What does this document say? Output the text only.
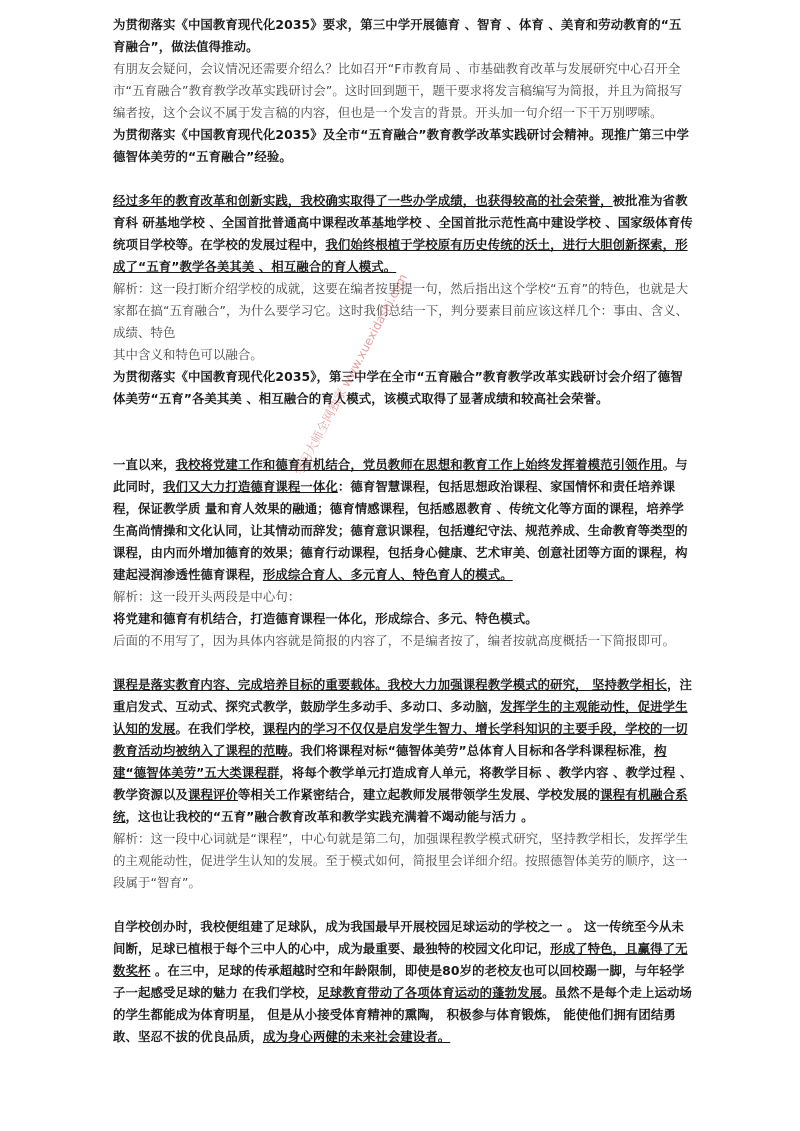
为贯彻落实《中国教育现代化2035》要求，第三中学开展德育 、智育 、体育 、美育和劳动教育的“五育融合”，做法值得推动。

有朋友会疑问，会议情况还需要介绍么？比如召开“F市教育局 、市基础教育改革与发展研究中心召开全市“五育融合”教育教学改革实践研讨会”。这时回到题干，题干要求将发言稿编写为简报，并且为简报写编者按，这个会议不属于发言稿的内容，但也是一个发言的背景。开头加一句介绍一下干万别啰嗦。

为贯彻落实《中国教育现代化2035》及全市“五育融合”教育教学改革实践研讨会精神。现推广第三中学德智体美劳的“五育融合”经验。

经过多年的教育改革和创新实践，我校确实取得了一些办学成绩，也获得较高的社会荣誉，被批准为省教育科 研基地学校 、全国首批普通高中课程改革基地学校 、全国首批示范性高中建设学校 、国家级体育传统项目学校等。在学校的发展过程中，我们始终根植于学校原有历史传统的沃土，进行大胆创新探索，形成了“五育”教学各美其美 、相互融合的育人模式。

解析：这一段打断介绍学校的成就，这要在编者按里提一句，然后指出这个学校“五育”的特色，也就是大家都在搞“五育融合”，为什么要学习它。这时我们总结一下，判分要素目前应该这样几个：事由、含义、成绩、特色

其中含义和特色可以融合。

为贯彻落实《中国教育现代化2035》，第三中学在全市“五育融合”教育教学改革实践研讨会介绍了德智体美劳“五育”各美其美 、相互融合的育人模式，该模式取得了显著成绩和较高社会荣誉。

一直以来，我校将党建工作和德育有机结合，党员教师在思想和教育工作上始终发挥着模范引领作用。与此同时，我们又大力打造德育课程一体化：德育智慧课程，包括思想政治课程、家国情怀和责任培养课程，保证教学质 量和育人效果的融通；德育情感课程，包括感恩教育 、传统文化等方面的课程，培养学生高尚情操和文化认同，让其情动而辞发；德育意识课程，包括遵纪守法、规范养成、生命教育等类型的课程，由内而外增加德育的效果；德育行动课程，包括身心健康、艺术审美、创意社团等方面的课程，构建起浸润渗透性德育课程，形成综合育人、多元育人、特色育人的模式。

解析：这一段开头两段是中心句：

将党建和德育有机结合，打造德育课程一体化，形成综合、多元、特色模式。

后面的不用写了，因为具体内容就是简报的内容了，不是编者按了，编者按就高度概括一下简报即可。

课程是落实教育内容、完成培养目标的重要载体。我校大力加强课程教学模式的研究， 坚持教学相长，注重启发式、互动式、探究式教学，鼓励学生多动手、多动口、多动脑，发挥学生的主观能动性，促进学生认知的发展。在我们学校，课程内的学习不仅仅是启发学生智力、增长学科知识的主要手段，学校的一切教育活动均被纳入了课程的范畴。我们将课程对标“德智体美劳”总体育人目标和各学科课程标准，构建“德智体美劳”五大类课程群，将每个教学单元打造成育人单元，将教学目标 、教学内容 、教学过程 、教学资源以及课程评价等相关工作紧密结合，建立起教师发展带领学生发展、学校发展的课程有机融合系统，这也让我校的“五育”融合教育改革和教学实践充满着不竭动能与活力 。

解析：这一段中心词就是“课程”，中心句就是第二句，加强课程教学模式研究，坚持教学相长，发挥学生的主观能动性，促进学生认知的发展。至于模式如何，简报里会详细介绍。按照德智体美劳的顺序，这一段属于“智育”。

自学校创办时，我校便组建了足球队，成为我国最早开展校园足球运动的学校之一 。 这一传统至今从未间断，足球已植根于每个三中人的心中，成为最重要、最独特的校园文化印记，形成了特色，且赢得了无数奖杯 。在三中，足球的传承超越时空和年龄限制，即使是80岁的老校友也可以回校踢一脚，与年轻学子一起感受足球的魅力 在我们学校，足球教育带动了各项体育运动的蓬勃发展。虽然不是每个走上运动场的学生都能成为体育明星， 但是从小接受体育精神的熏陶， 积极参与体育锻炼， 能使他们拥有团结勇敢、坚忍不拔的优良品质，成为身心两健的未来社会建设者。

学习大师全网独家 www.xuexidashi.com
